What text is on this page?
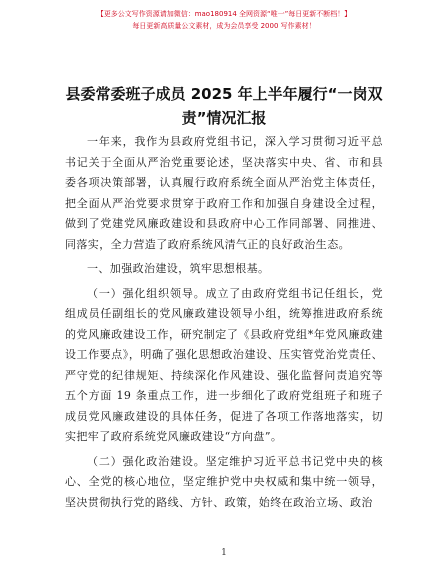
【更多公文写作资源请加微信：mao180914 全网资源“唯一”每日更新不断档！】
每日更新高质量公文素材，成为会员享受 2000 写作素材！
县委常委班子成员 2025 年上半年履行“一岗双
责”情况汇报

一年来，我作为县政府党组书记，深入学习贯彻习近平总书记关于全面从严治党重要论述，坚决落实中央、省、市和县委各项决策部署，认真履行政府系统全面从严治党主体责任，把全面从严治党要求贯穿于政府工作和加强自身建设全过程，做到了党建党风廉政建设和县政府中心工作同部署、同推进、同落实，全力营造了政府系统风清气正的良好政治生态。

一、加强政治建设，筑牢思想根基。

（一）强化组织领导。成立了由政府党组书记任组长，党组成员任副组长的党风廉政建设领导小组，统筹推进政府系统的党风廉政建设工作，研究制定了《县政府党组*年党风廉政建设工作要点》，明确了强化思想政治建设、压实管党治党责任、严守党的纪律规矩、持续深化作风建设、强化监督问责追究等五个方面 19 条重点工作，进一步细化了政府党组班子和班子成员党风廉政建设的具体任务，促进了各项工作落地落实，切实把牢了政府系统党风廉政建设“方向盘”。

（二）强化政治建设。坚定维护习近平总书记党中央的核心、全党的核心地位，坚定维护党中央权威和集中统一领导，坚决贯彻执行党的路线、方针、政策，始终在政治立场、政治

1
